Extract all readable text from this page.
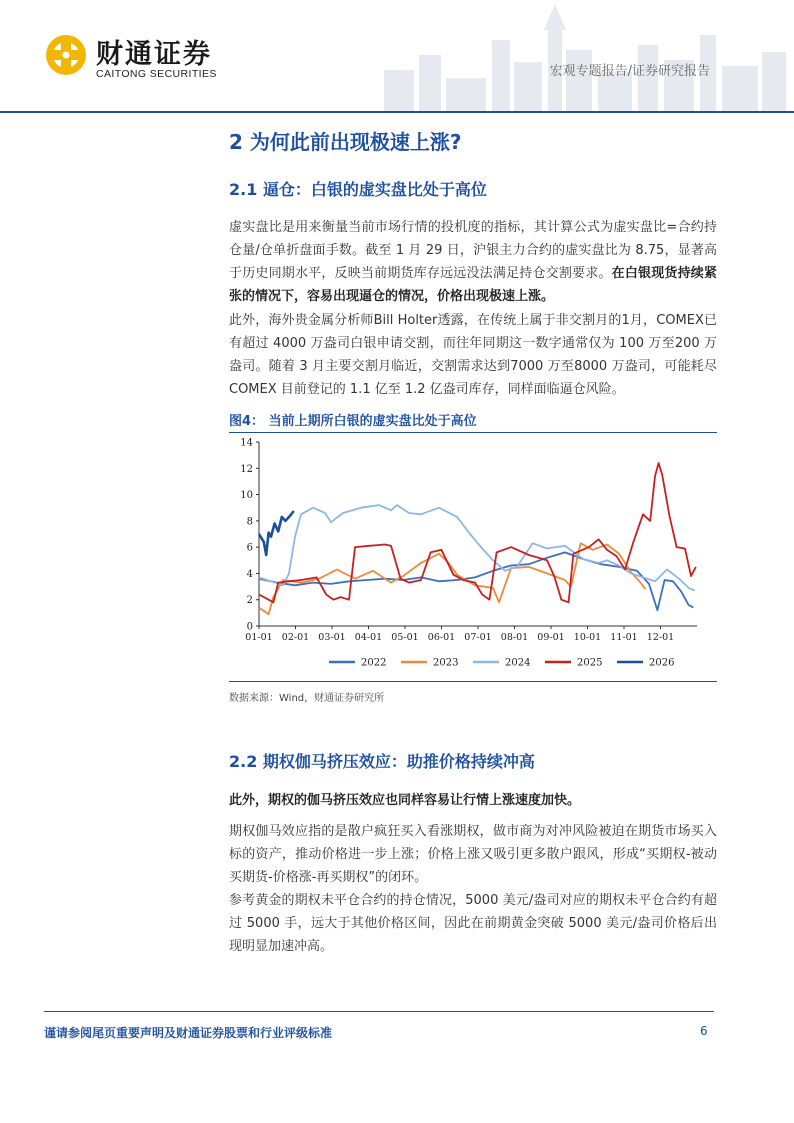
财通证券
CAITONG SECURITIES	宏观专题报告/证券研究报告
2 为何此前出现极速上涨?
2.1 逼仓：白银的虚实盘比处于高位
虚实盘比是用来衡量当前市场行情的投机度的指标，其计算公式为虚实盘比=合约持仓量/仓单折盘面手数。截至 1 月 29 日，沪银主力合约的虚实盘比为 8.75，显著高于历史同期水平，反映当前期货库存远远没法满足持仓交割要求。在白银现货持续紧张的情况下，容易出现逼仓的情况，价格出现极速上涨。
此外，海外贵金属分析师Bill Holter透露，在传统上属于非交割月的1月，COMEX已有超过 4000 万盎司白银申请交割，而往年同期这一数字通常仅为 100 万至200 万盎司。随着 3 月主要交割月临近，交割需求达到7000 万至8000 万盎司，可能耗尽 COMEX 目前登记的 1.1 亿至 1.2 亿盎司库存，同样面临逼仓风险。
图4： 当前上期所白银的虚实盘比处于高位
0
2
4
6
8
10
12
14
01-01 02-01 03-01 04-01 05-01 06-01 07-01 08-01 09-01 10-01 11-01 12-01
2022	2023	2024	2025	2026
数据来源：Wind，财通证券研究所
2.2 期权伽马挤压效应：助推价格持续冲高
此外，期权的伽马挤压效应也同样容易让行情上涨速度加快。
期权伽马效应指的是散户疯狂买入看涨期权，做市商为对冲风险被迫在期货市场买入标的资产，推动价格进一步上涨；价格上涨又吸引更多散户跟风，形成“买期权-被动买期货-价格涨-再买期权”的闭环。
参考黄金的期权未平仓合约的持仓情况，5000 美元/盎司对应的期权未平仓合约有超过 5000 手，远大于其他价格区间，因此在前期黄金突破 5000 美元/盎司价格后出现明显加速冲高。
谨请参阅尾页重要声明及财通证券股票和行业评级标准	6
